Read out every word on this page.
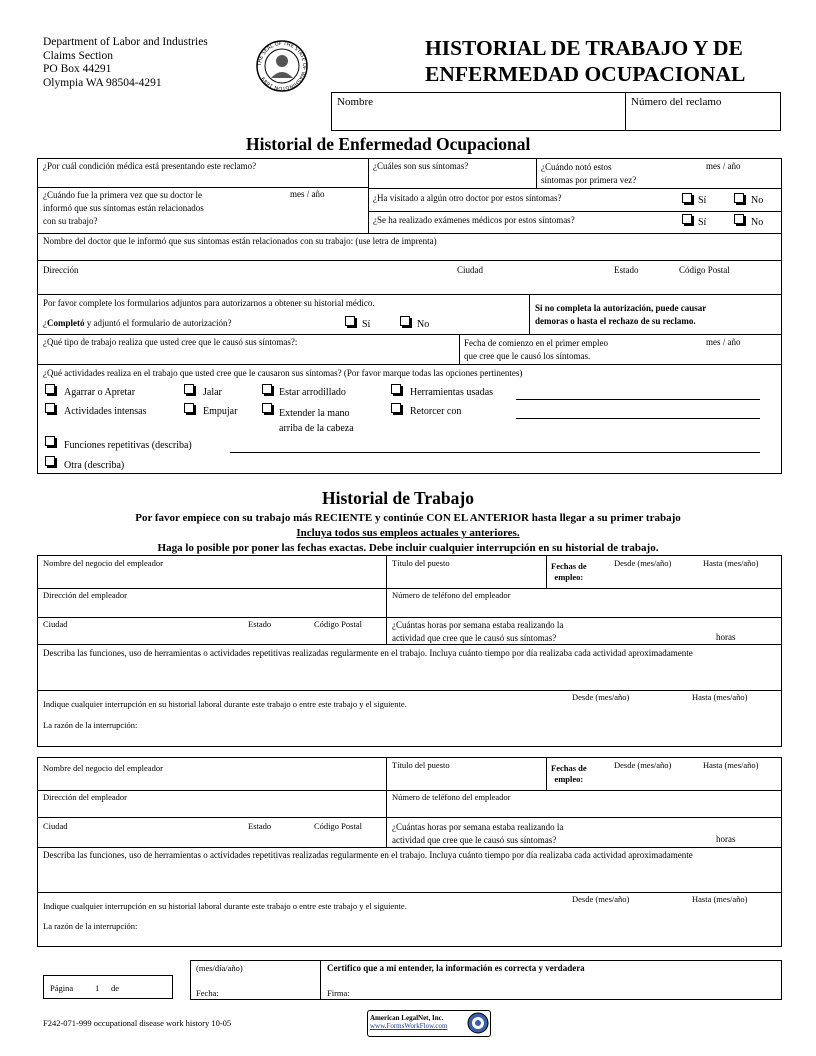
Department of Labor and Industries
Claims Section
PO Box 44291
Olympia WA 98504-4291
THE SEAL OF THE STATE OF WASHINGTON 1889
HISTORIAL DE TRABAJO Y DE
ENFERMEDAD OCUPACIONAL
Nombre	Número del reclamo
Historial de Enfermedad Ocupacional
¿Por cuál condición médica está presentando este reclamo?	¿Cuáles son sus síntomas?	¿Cuándo notó estos
síntomas por primera vez?
mes / año
¿Cuándo fue la primera vez que su doctor le
informó que sus síntomas están relacionados
con su trabajo?
mes / año	¿Ha visitado a algún otro doctor por estos síntomas?	Sí	No
¿Se ha realizado exámenes médicos por estos síntomas?	Sí	No
Nombre del doctor que le informó que sus síntomas están relacionados con su trabajo: (use letra de imprenta)
Dirección	Ciudad	Estado	Código Postal
Por favor complete los formularios adjuntos para autorizarnos a obtener su historial médico.
¿Completó y adjuntó el formulario de autorización?	Sí	No
Si no completa la autorización, puede causar
demoras o hasta el rechazo de su reclamo.
¿Qué tipo de trabajo realiza que usted cree que le causó sus síntomas?:	Fecha de comienzo en el primer empleo
que cree que le causó los síntomas.
mes / año
¿Qué actividades realiza en el trabajo que usted cree que le causaron sus síntomas? (Por favor marque todas las opciones pertinentes)
Agarrar o Apretar	Jalar	Estar arrodillado	Herramientas usadas
Actividades intensas	Empujar	Extender la mano
arriba de la cabeza
Retorcer con
Funciones repetitivas (describa)
Otra (describa)
Historial de Trabajo
Por favor empiece con su trabajo más RECIENTE y continúe CON EL ANTERIOR hasta llegar a su primer trabajo
Incluya todos sus empleos actuales y anteriores.
Haga lo posible por poner las fechas exactas. Debe incluir cualquier interrupción en su historial de trabajo.
Nombre del negocio del empleador	Título del puesto	Fechas de
empleo:
Desde (mes/año)	Hasta (mes/año)
Dirección del empleador	Número de teléfono del empleador
Ciudad	Estado	Código Postal	¿Cuántas horas por semana estaba realizando la
actividad que cree que le causó sus síntomas?	horas
Describa las funciones, uso de herramientas o actividades repetitivas realizadas regularmente en el trabajo. Incluya cuánto tiempo por día realizaba cada actividad aproximadamente
Desde (mes/año)	Hasta (mes/año)
Indique cualquier interrupción en su historial laboral durante este trabajo o entre este trabajo y el siguiente.
La razón de la interrupción:
Nombre del negocio del empleador	Título del puesto	Fechas de
empleo:
Desde (mes/año)	Hasta (mes/año)
Dirección del empleador	Número de teléfono del empleador
Ciudad	Estado	Código Postal	¿Cuántas horas por semana estaba realizando la
actividad que cree que le causó sus síntomas?	horas
Describa las funciones, uso de herramientas o actividades repetitivas realizadas regularmente en el trabajo. Incluya cuánto tiempo por día realizaba cada actividad aproximadamente
Desde (mes/año)	Hasta (mes/año)
Indique cualquier interrupción en su historial laboral durante este trabajo o entre este trabajo y el siguiente.
La razón de la interrupción:
Página	1 de
(mes/día/año)	Certifico que a mi entender, la información es correcta y verdadera
Fecha:	Firma:
F242-071-999 occupational disease work history 10-05	American LegalNet, Inc.
www.FormsWorkFlow.com
